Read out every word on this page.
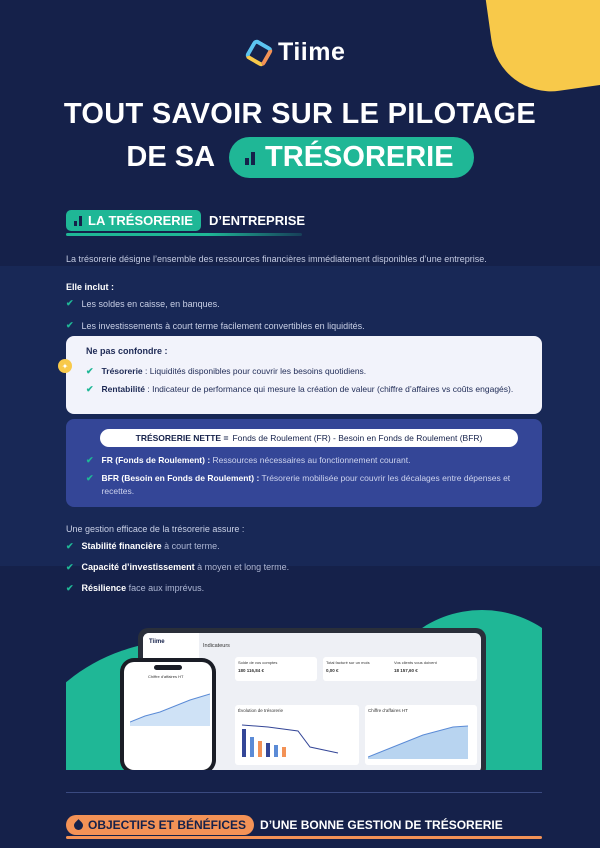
Tiime
TOUT SAVOIR SUR LE PILOTAGE
DE SA TRÉSORERIE
LA TRÉSORERIE D’ENTREPRISE
La trésorerie désigne l’ensemble des ressources financières immédiatement disponibles d’une entreprise.
Elle inclut :
✔ Les soldes en caisse, en banques.
✔ Les investissements à court terme facilement convertibles en liquidités.
Ne pas confondre :
✔ Trésorerie : Liquidités disponibles pour couvrir les besoins quotidiens.
✔ Rentabilité : Indicateur de performance qui mesure la création de valeur (chiffre d’affaires vs coûts engagés).
✦
TRÉSORERIE NETTE = Fonds de Roulement (FR) - Besoin en Fonds de Roulement (BFR)
✔ FR (Fonds de Roulement) : Ressources nécessaires au fonctionnement courant.
✔ BFR (Besoin en Fonds de Roulement) : Trésorerie mobilisée pour couvrir les décalages entre dépenses et recettes.
Une gestion efficace de la trésorerie assure :
✔ Stabilité financière à court terme.
✔ Capacité d’investissement à moyen et long terme.
✔ Résilience face aux imprévus.
Tiime
Indicateurs
Solde de vos comptes
180 116,84 €
Total facturé sur un mois
0,00 €
Vos clients vous doivent
18 157,60 €
Évolution de trésorerie	Chiffre d’affaires HT
Chiffre d’affaires HT
OBJECTIFS ET BÉNÉFICES D’UNE BONNE GESTION DE TRÉSORERIE
